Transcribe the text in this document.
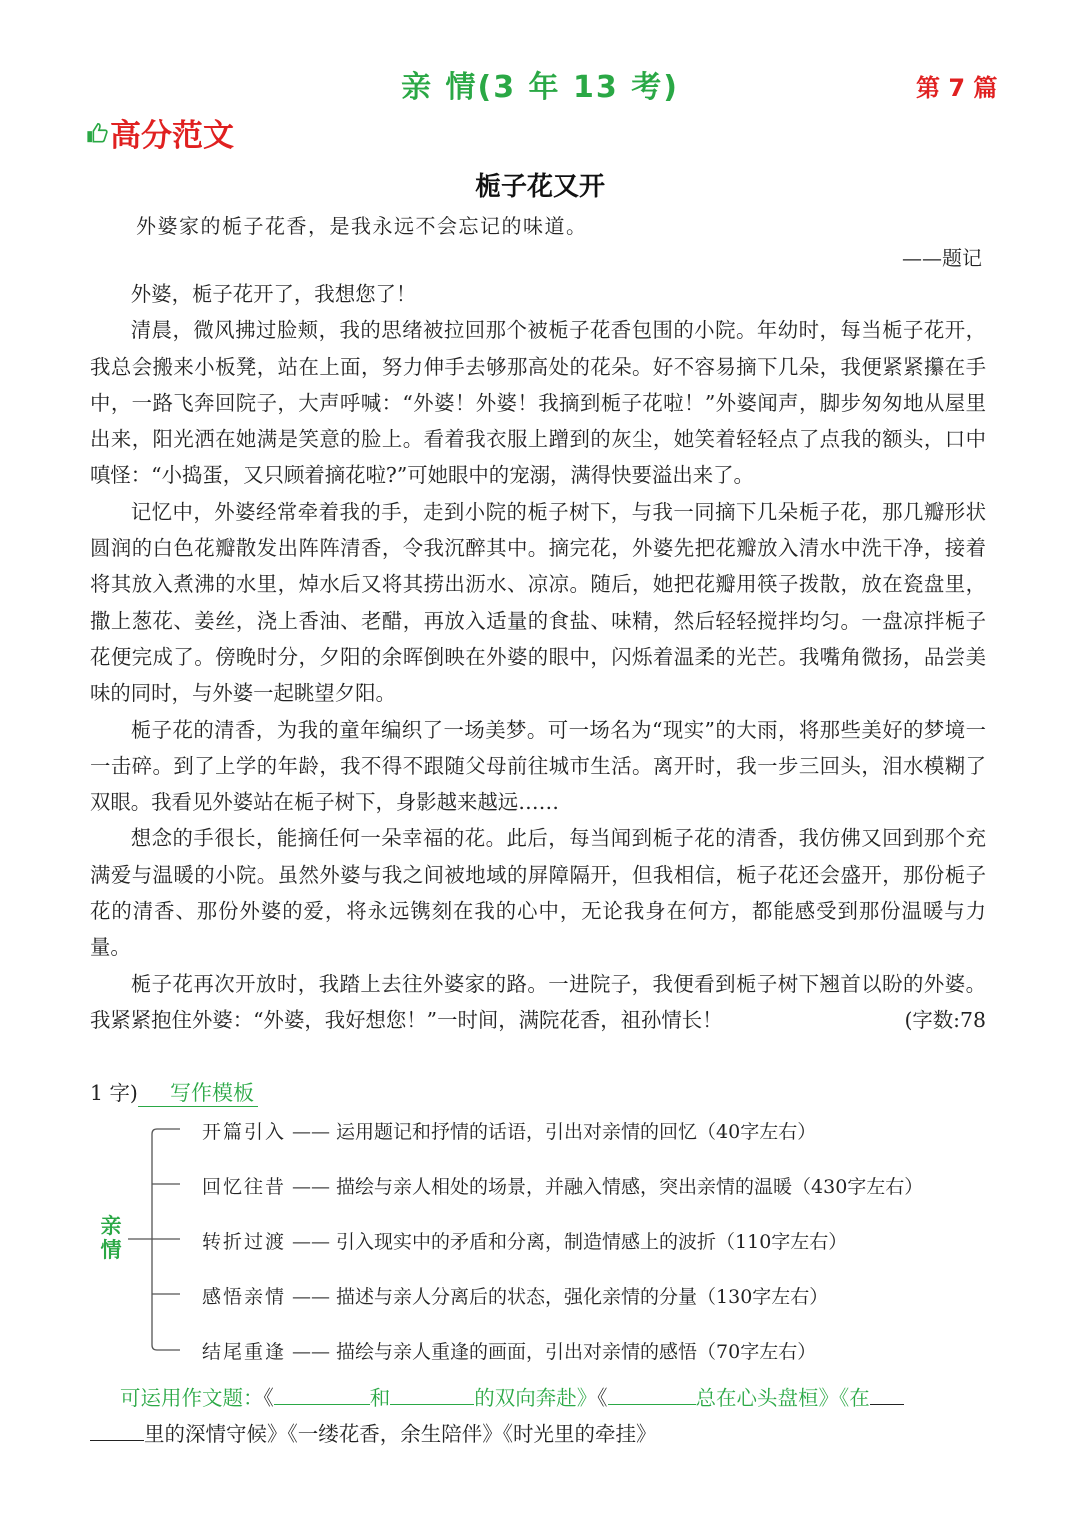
亲 情(3 年 13 考)	第 7 篇
高分范文
栀子花又开
外婆家的栀子花香，是我永远不会忘记的味道。
——题记

外婆，栀子花开了，我想您了！

清晨，微风拂过脸颊，我的思绪被拉回那个被栀子花香包围的小院。年幼时，每当栀子花开，我总会搬来小板凳，站在上面，努力伸手去够那高处的花朵。好不容易摘下几朵，我便紧紧攥在手中，一路飞奔回院子，大声呼喊：“外婆！外婆！我摘到栀子花啦！”外婆闻声，脚步匆匆地从屋里出来，阳光洒在她满是笑意的脸上。看着我衣服上蹭到的灰尘，她笑着轻轻点了点我的额头，口中嗔怪：“小捣蛋，又只顾着摘花啦?”可她眼中的宠溺，满得快要溢出来了。

记忆中，外婆经常牵着我的手，走到小院的栀子树下，与我一同摘下几朵栀子花，那几瓣形状圆润的白色花瓣散发出阵阵清香，令我沉醉其中。摘完花，外婆先把花瓣放入清水中洗干净，接着将其放入煮沸的水里，焯水后又将其捞出沥水、凉凉。随后，她把花瓣用筷子拨散，放在瓷盘里，撒上葱花、姜丝，浇上香油、老醋，再放入适量的食盐、味精，然后轻轻搅拌均匀。一盘凉拌栀子花便完成了。傍晚时分，夕阳的余晖倒映在外婆的眼中，闪烁着温柔的光芒。我嘴角微扬，品尝美味的同时，与外婆一起眺望夕阳。

栀子花的清香，为我的童年编织了一场美梦。可一场名为“现实”的大雨，将那些美好的梦境一一击碎。到了上学的年龄，我不得不跟随父母前往城市生活。离开时，我一步三回头，泪水模糊了双眼。我看见外婆站在栀子树下，身影越来越远……

想念的手很长，能摘任何一朵幸福的花。此后，每当闻到栀子花的清香，我仿佛又回到那个充满爱与温暖的小院。虽然外婆与我之间被地域的屏障隔开，但我相信，栀子花还会盛开，那份栀子花的清香、那份外婆的爱，将永远镌刻在我的心中，无论我身在何方，都能感受到那份温暖与力量。

栀子花再次开放时，我踏上去往外婆家的路。一进院子，我便看到栀子树下翘首以盼的外婆。我紧紧抱住外婆：“外婆，我好想您！”一时间，满院花香，祖孙情长！	(字数:78

1 字)	写作模板
亲情
开篇引入 —— 运用题记和抒情的话语，引出对亲情的回忆（40字左右）
回忆往昔 —— 描绘与亲人相处的场景，并融入情感，突出亲情的温暖（430字左右）
转折过渡 —— 引入现实中的矛盾和分离，制造情感上的波折（110字左右）
感悟亲情 —— 描述与亲人分离后的状态，强化亲情的分量（130字左右）
结尾重逢 —— 描绘与亲人重逢的画面，引出对亲情的感悟（70字左右）
可运用作文题：《	和	的双向奔赴》《	总在心头盘桓》《在
里的深情守候》《一缕花香，余生陪伴》《时光里的牵挂》
